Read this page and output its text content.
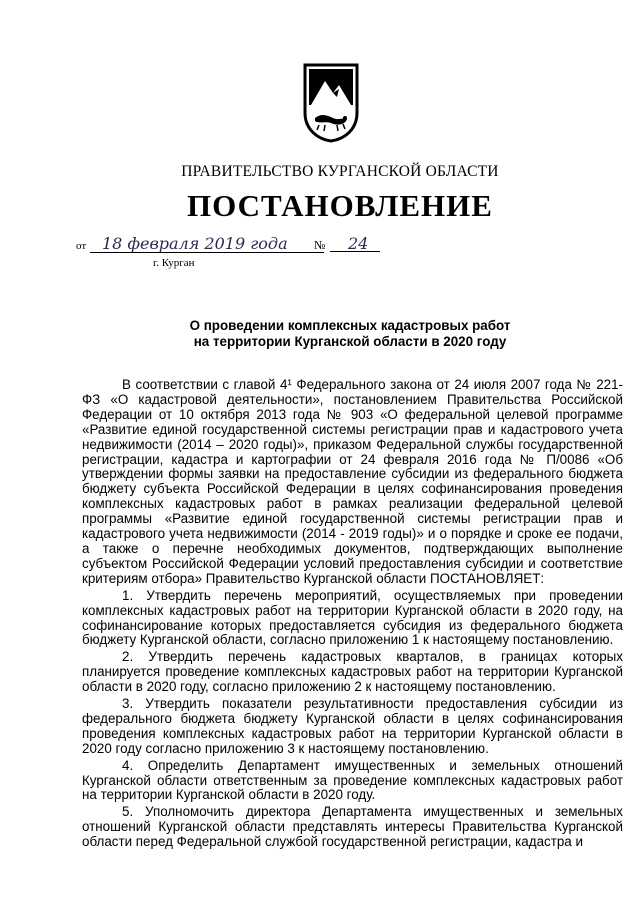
ПРАВИТЕЛЬСТВО КУРГАНСКОЙ ОБЛАСТИ
ПОСТАНОВЛЕНИЕ
от 18 февраля 2019 года	№	24
г. Курган
О проведении комплексных кадастровых работ
на территории Курганской области в 2020 году

В соответствии с главой 4¹ Федерального закона от 24 июля 2007 года № 221-ФЗ «О кадастровой деятельности», постановлением Правительства Российской Федерации от 10 октября 2013 года № 903 «О федеральной целевой программе «Развитие единой государственной системы регистрации прав и кадастрового учета недвижимости (2014 – 2020 годы)», приказом Федеральной службы государственной регистрации, кадастра и картографии от 24 февраля 2016 года № П/0086 «Об утверждении формы заявки на предоставление субсидии из федерального бюджета бюджету субъекта Российской Федерации в целях софинансирования проведения комплексных кадастровых работ в рамках реализации федеральной целевой программы «Развитие единой государственной системы регистрации прав и кадастрового учета недвижимости (2014 - 2019 годы)» и о порядке и сроке ее подачи, а также о перечне необходимых документов, подтверждающих выполнение субъектом Российской Федерации условий предоставления субсидии и соответствие критериям отбора» Правительство Курганской области ПОСТАНОВЛЯЕТ:

1. Утвердить перечень мероприятий, осуществляемых при проведении комплексных кадастровых работ на территории Курганской области в 2020 году, на софинансирование которых предоставляется субсидия из федерального бюджета бюджету Курганской области, согласно приложению 1 к настоящему постановлению.

2. Утвердить перечень кадастровых кварталов, в границах которых планируется проведение комплексных кадастровых работ на территории Курганской области в 2020 году, согласно приложению 2 к настоящему постановлению.

3. Утвердить показатели результативности предоставления субсидии из федерального бюджета бюджету Курганской области в целях софинансирования проведения комплексных кадастровых работ на территории Курганской области в 2020 году согласно приложению 3 к настоящему постановлению.

4. Определить Департамент имущественных и земельных отношений Курганской области ответственным за проведение комплексных кадастровых работ на территории Курганской области в 2020 году.

5. Уполномочить директора Департамента имущественных и земельных отношений Курганской области представлять интересы Правительства Курганской области перед Федеральной службой государственной регистрации, кадастра и
